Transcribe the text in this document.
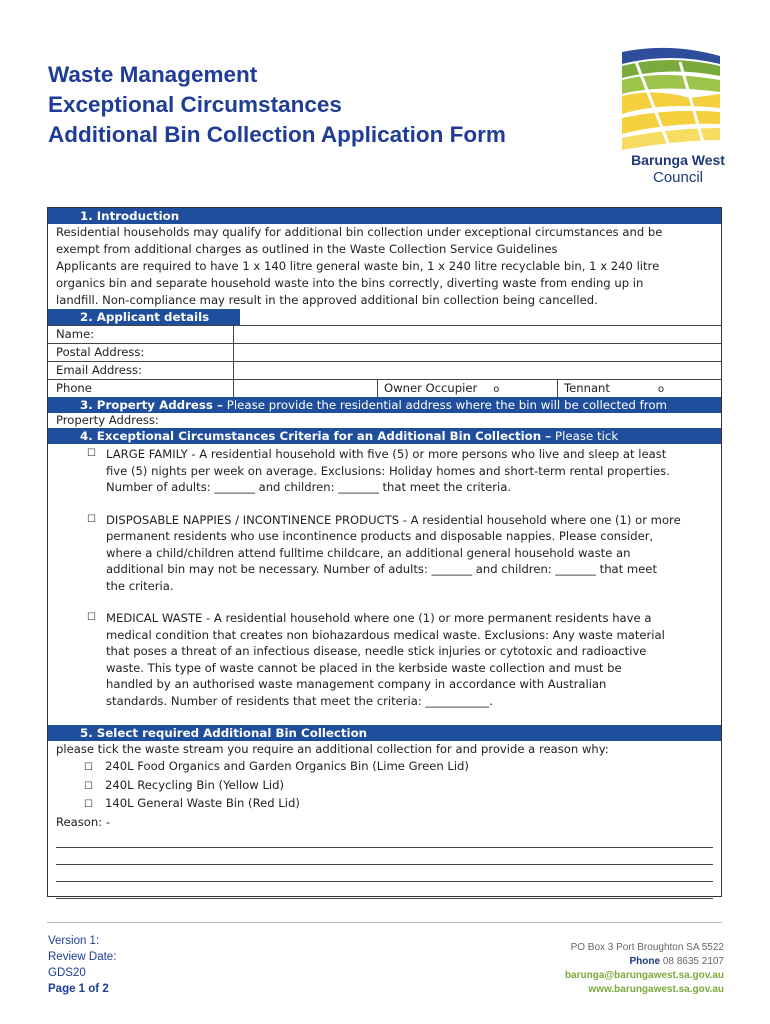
Waste Management
Exceptional Circumstances
Additional Bin Collection Application Form
Barunga West
Council
1. Introduction
Residential households may qualify for additional bin collection under exceptional circumstances and be
exempt from additional charges as outlined in the Waste Collection Service Guidelines
Applicants are required to have 1 x 140 litre general waste bin, 1 x 240 litre recyclable bin, 1 x 240 litre
organics bin and separate household waste into the bins correctly, diverting waste from ending up in
landfill. Non-compliance may result in the approved additional bin collection being cancelled.
2. Applicant details
Name:
Postal Address:
Email Address:
Phone	Owner Occupier o	Tennant	o
3. Property Address – Please provide the residential address where the bin will be collected from
Property Address:
4. Exceptional Circumstances Criteria for an Additional Bin Collection – Please tick
☐ LARGE FAMILY - A residential household with five (5) or more persons who live and sleep at least
five (5) nights per week on average. Exclusions: Holiday homes and short-term rental properties.
Number of adults: _______ and children: _______ that meet the criteria.
☐ DISPOSABLE NAPPIES / INCONTINENCE PRODUCTS - A residential household where one (1) or more
permanent residents who use incontinence products and disposable nappies. Please consider,
where a child/children attend fulltime childcare, an additional general household waste an
additional bin may not be necessary. Number of adults: _______ and children: _______ that meet
the criteria.
☐ MEDICAL WASTE - A residential household where one (1) or more permanent residents have a
medical condition that creates non biohazardous medical waste. Exclusions: Any waste material
that poses a threat of an infectious disease, needle stick injuries or cytotoxic and radioactive
waste. This type of waste cannot be placed in the kerbside waste collection and must be
handled by an authorised waste management company in accordance with Australian
standards. Number of residents that meet the criteria: ___________.
5. Select required Additional Bin Collection
please tick the waste stream you require an additional collection for and provide a reason why:
☐ 240L Food Organics and Garden Organics Bin (Lime Green Lid)
☐ 240L Recycling Bin (Yellow Lid)
☐ 140L General Waste Bin (Red Lid)
Reason: -
Version 1:
Review Date:
GDS20
Page 1 of 2
PO Box 3 Port Broughton SA 5522
Phone 08 8635 2107
barunga@barungawest.sa.gov.au
www.barungawest.sa.gov.au
